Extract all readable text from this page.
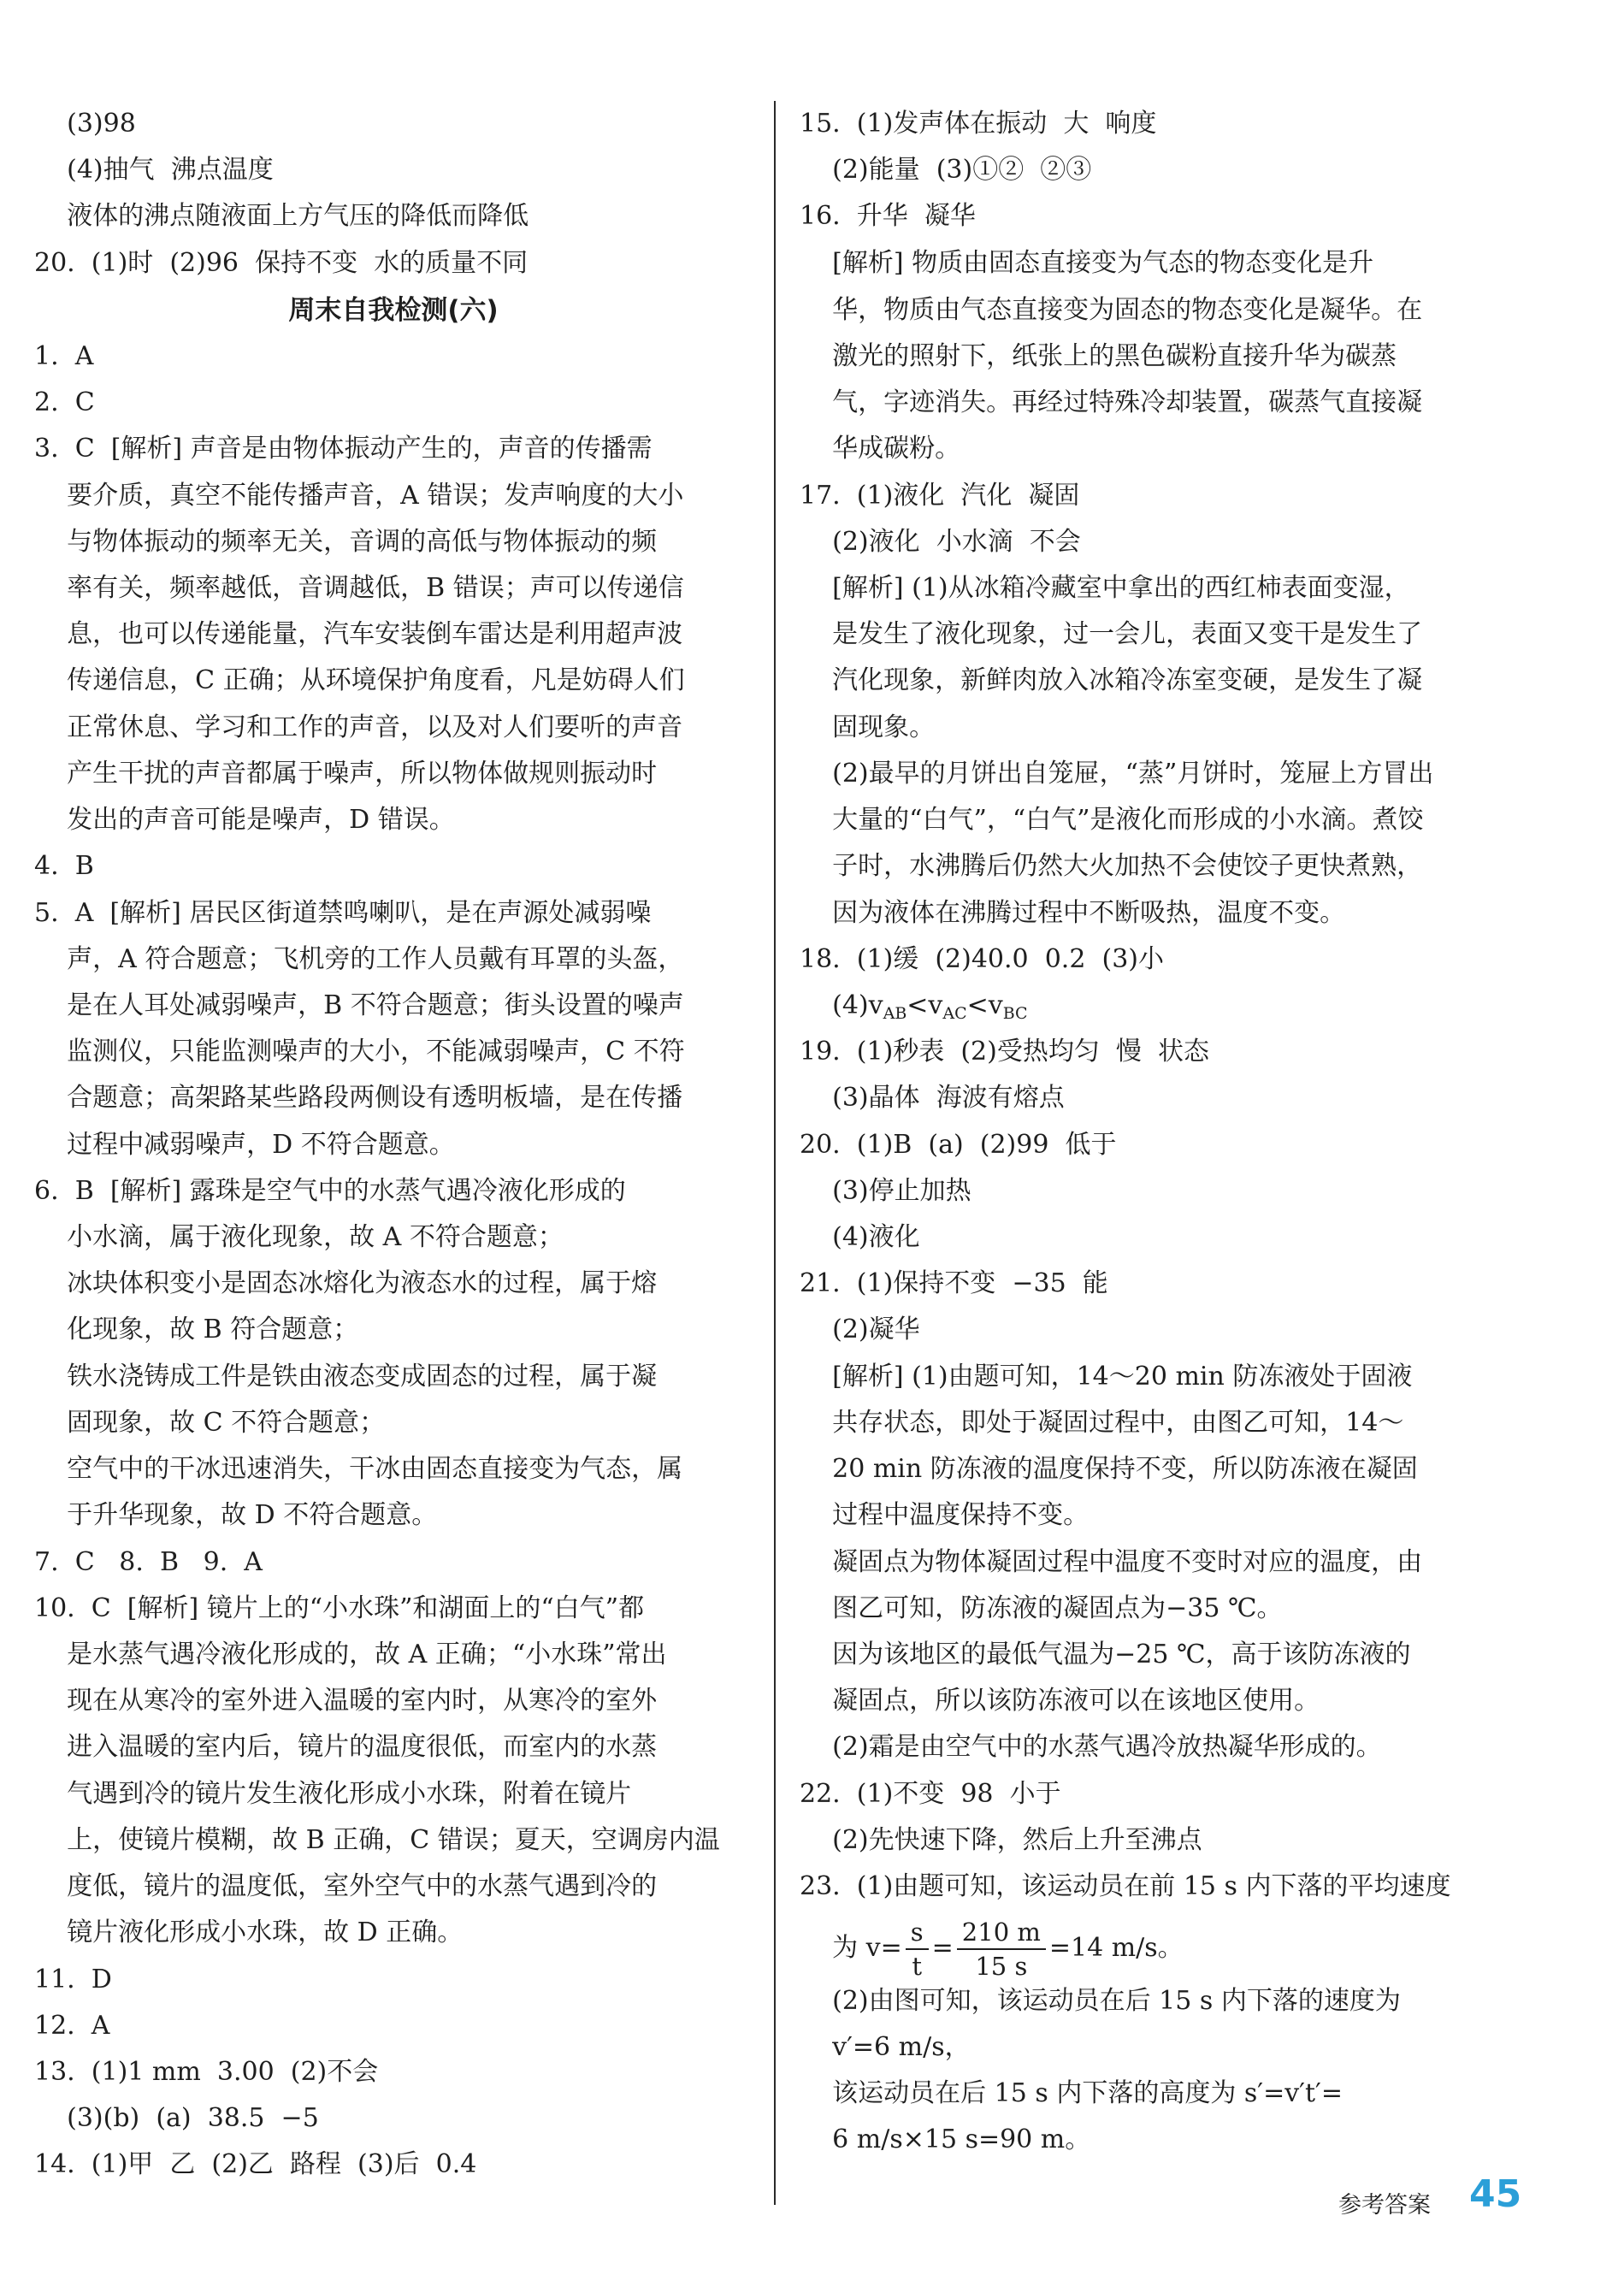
(3)98
(4)抽气  沸点温度
液体的沸点随液面上方气压的降低而降低
20.  (1)时  (2)96  保持不变  水的质量不同
1.  A
2.  C
3.  C  [解析] 声音是由物体振动产生的，声音的传播需
要介质，真空不能传播声音，A 错误；发声响度的大小
与物体振动的频率无关，音调的高低与物体振动的频
率有关，频率越低，音调越低，B 错误；声可以传递信
息，也可以传递能量，汽车安装倒车雷达是利用超声波
传递信息，C 正确；从环境保护角度看，凡是妨碍人们
正常休息、学习和工作的声音，以及对人们要听的声音
产生干扰的声音都属于噪声，所以物体做规则振动时
发出的声音可能是噪声，D 错误。
4.  B
5.  A  [解析] 居民区街道禁鸣喇叭，是在声源处减弱噪
声，A 符合题意；飞机旁的工作人员戴有耳罩的头盔，
是在人耳处减弱噪声，B 不符合题意；街头设置的噪声
监测仪，只能监测噪声的大小，不能减弱噪声，C 不符
合题意；高架路某些路段两侧设有透明板墙，是在传播
过程中减弱噪声，D 不符合题意。
6.  B  [解析] 露珠是空气中的水蒸气遇冷液化形成的
小水滴，属于液化现象，故 A 不符合题意；
冰块体积变小是固态冰熔化为液态水的过程，属于熔
化现象，故 B 符合题意；
铁水浇铸成工件是铁由液态变成固态的过程，属于凝
固现象，故 C 不符合题意；
空气中的干冰迅速消失，干冰由固态直接变为气态，属
于升华现象，故 D 不符合题意。
7.  C   8.  B   9.  A
10.  C  [解析] 镜片上的“小水珠”和湖面上的“白气”都
是水蒸气遇冷液化形成的，故 A 正确；“小水珠”常出
现在从寒冷的室外进入温暖的室内时，从寒冷的室外
进入温暖的室内后，镜片的温度很低，而室内的水蒸
气遇到冷的镜片发生液化形成小水珠，附着在镜片
上，使镜片模糊，故 B 正确，C 错误；夏天，空调房内温
度低，镜片的温度低，室外空气中的水蒸气遇到冷的
镜片液化形成小水珠，故 D 正确。
11.  D
12.  A
13.  (1)1 mm  3.00  (2)不会
(3)(b)  (a)  38.5  −5
14.  (1)甲  乙  (2)乙  路程  (3)后  0.4
周末自我检测(六)
15.  (1)发声体在振动  大  响度
(2)能量  (3)①②  ②③
16.  升华  凝华
[解析] 物质由固态直接变为气态的物态变化是升
华，物质由气态直接变为固态的物态变化是凝华。在
激光的照射下，纸张上的黑色碳粉直接升华为碳蒸
气，字迹消失。再经过特殊冷却装置，碳蒸气直接凝
华成碳粉。
17.  (1)液化  汽化  凝固
(2)液化  小水滴  不会
[解析] (1)从冰箱冷藏室中拿出的西红柿表面变湿，
是发生了液化现象，过一会儿，表面又变干是发生了
汽化现象，新鲜肉放入冰箱冷冻室变硬，是发生了凝
固现象。
(2)最早的月饼出自笼屉，“蒸”月饼时，笼屉上方冒出
大量的“白气”，“白气”是液化而形成的小水滴。煮饺
子时，水沸腾后仍然大火加热不会使饺子更快煮熟，
因为液体在沸腾过程中不断吸热，温度不变。
18.  (1)缓  (2)40.0  0.2  (3)小
19.  (1)秒表  (2)受热均匀  慢  状态
(3)晶体  海波有熔点
20.  (1)B  (a)  (2)99  低于
(3)停止加热
(4)液化
21.  (1)保持不变  −35  能
(2)凝华
[解析] (1)由题可知，14～20 min 防冻液处于固液
共存状态，即处于凝固过程中，由图乙可知，14～
20 min 防冻液的温度保持不变，所以防冻液在凝固
过程中温度保持不变。
凝固点为物体凝固过程中温度不变时对应的温度，由
图乙可知，防冻液的凝固点为−35 ℃。
因为该地区的最低气温为−25 ℃，高于该防冻液的
凝固点，所以该防冻液可以在该地区使用。
(2)霜是由空气中的水蒸气遇冷放热凝华形成的。
22.  (1)不变  98  小于
(2)先快速下降，然后上升至沸点
23.  (1)由题可知，该运动员在前 15 s 内下落的平均速度
(2)由图可知，该运动员在后 15 s 内下落的速度为
v′=6 m/s，
该运动员在后 15 s 内下落的高度为 s′=v′t′=
6 m/s×15 s=90 m。
$(4)v_{AB}<v_{AC}<v_{BC}$
为 $v= \frac{s}{t} = \frac{210 m}{15 s} =14$ m/s。
参考答案 45
